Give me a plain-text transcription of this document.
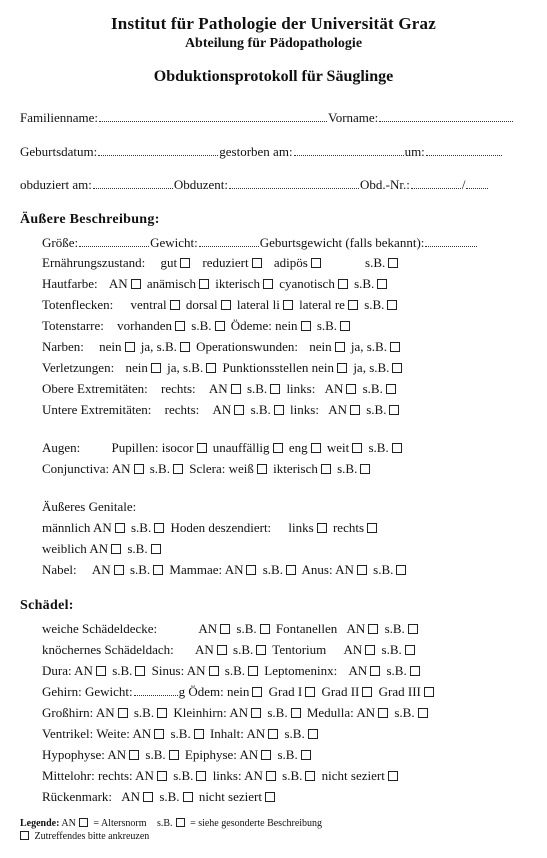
Institut für Pathologie der Universität Graz
Abteilung für Pädopathologie
Obduktionsprotokoll für Säuglinge
Familienname:	Vorname:
Geburtsdatum:	gestorben am:	um:
obduziert am:	Obduzent:	Obd.-Nr.:	/
Äußere Beschreibung:
Größe:	Gewicht:	Geburtsgewicht (falls bekannt):
Ernährungszustand: gut reduziert adipös	s.B.
Hautfarbe: AN anämisch ikterisch cyanotisch s.B.
Totenflecken: ventral dorsal lateral li lateral re s.B.
Totenstarre: vorhanden s.B. Ödeme: nein s.B.
Narben: nein ja, s.B. Operationswunden: nein ja, s.B.
Verletzungen: nein ja, s.B. Punktionsstellen nein ja, s.B.
Obere Extremitäten: rechts: AN s.B. links: AN s.B.
Untere Extremitäten: rechts: AN s.B. links: AN s.B.
Augen: Pupillen: isocor unauffällig eng weit s.B.
Conjunctiva: AN s.B. Sclera: weiß ikterisch s.B.
Äußeres Genitale:
männlich AN s.B. Hoden deszendiert: links rechts
weiblich AN s.B.
Nabel: AN s.B. Mammae: AN s.B. Anus: AN s.B.
Schädel:
weiche Schädeldecke:	AN s.B. Fontanellen AN s.B.
knöchernes Schädeldach: AN s.B. Tentorium AN s.B.
Dura: AN s.B. Sinus: AN s.B. Leptomeninx: AN s.B.
Gehirn: Gewicht:	g Ödem: nein Grad I Grad II Grad III
Großhirn: AN s.B. Kleinhirn: AN s.B. Medulla: AN s.B.
Ventrikel: Weite: AN s.B. Inhalt: AN s.B.
Hypophyse: AN s.B. Epiphyse: AN s.B.
Mittelohr: rechts: AN s.B. links: AN s.B. nicht seziert
Rückenmark: AN s.B. nicht seziert
Legende: AN = Altersnorm s.B. = siehe gesonderte Beschreibung
Zutreffendes bitte ankreuzen
